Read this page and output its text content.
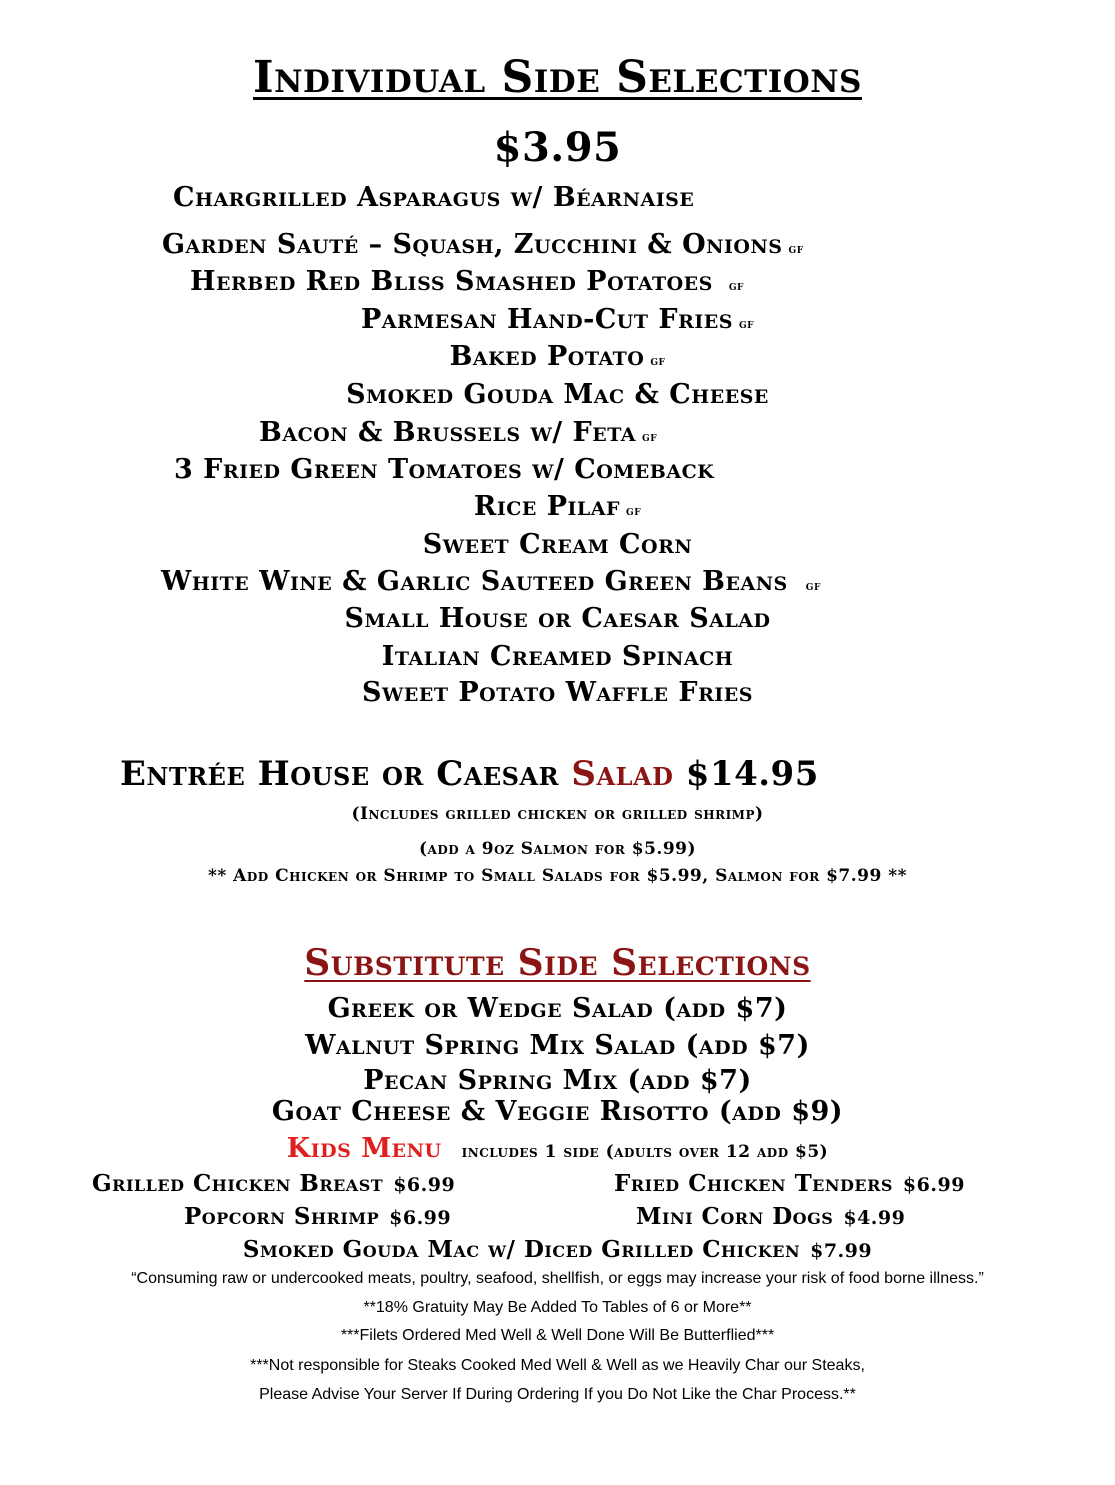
Individual Side Selections
$3.95
Chargrilled Asparagus w/ Béarnaise
Garden Sauté – Squash, Zucchini & Onions gf
Herbed Red Bliss Smashed Potatoes gf
Parmesan Hand-Cut Fries gf
Baked Potato gf
Smoked Gouda Mac & Cheese
Bacon & Brussels w/ Feta gf
3 Fried Green Tomatoes w/ Comeback
Rice Pilaf gf
Sweet Cream Corn
White Wine & Garlic Sauteed Green Beans gf
Small House or Caesar Salad
Italian Creamed Spinach
Sweet Potato Waffle Fries
Entrée House or Caesar Salad $14.95
(Includes grilled chicken or grilled shrimp)
(add a 9oz Salmon for $5.99)
** Add Chicken or Shrimp to Small Salads for $5.99, Salmon for $7.99 **
Substitute Side Selections
Greek or Wedge Salad (add $7)
Walnut Spring Mix Salad (add $7)
Pecan Spring Mix (add $7)
Goat Cheese & Veggie Risotto (add $9)
Kids Menu includes 1 side (adults over 12 add $5)
Grilled Chicken Breast $6.99	Fried Chicken Tenders $6.99
Popcorn Shrimp $6.99	Mini Corn Dogs $4.99
Smoked Gouda Mac w/ Diced Grilled Chicken $7.99
“Consuming raw or undercooked meats, poultry, seafood, shellfish, or eggs may increase your risk of food borne illness.”
**18% Gratuity May Be Added To Tables of 6 or More**
***Filets Ordered Med Well & Well Done Will Be Butterflied***
***Not responsible for Steaks Cooked Med Well & Well as we Heavily Char our Steaks,
Please Advise Your Server If During Ordering If you Do Not Like the Char Process.**
